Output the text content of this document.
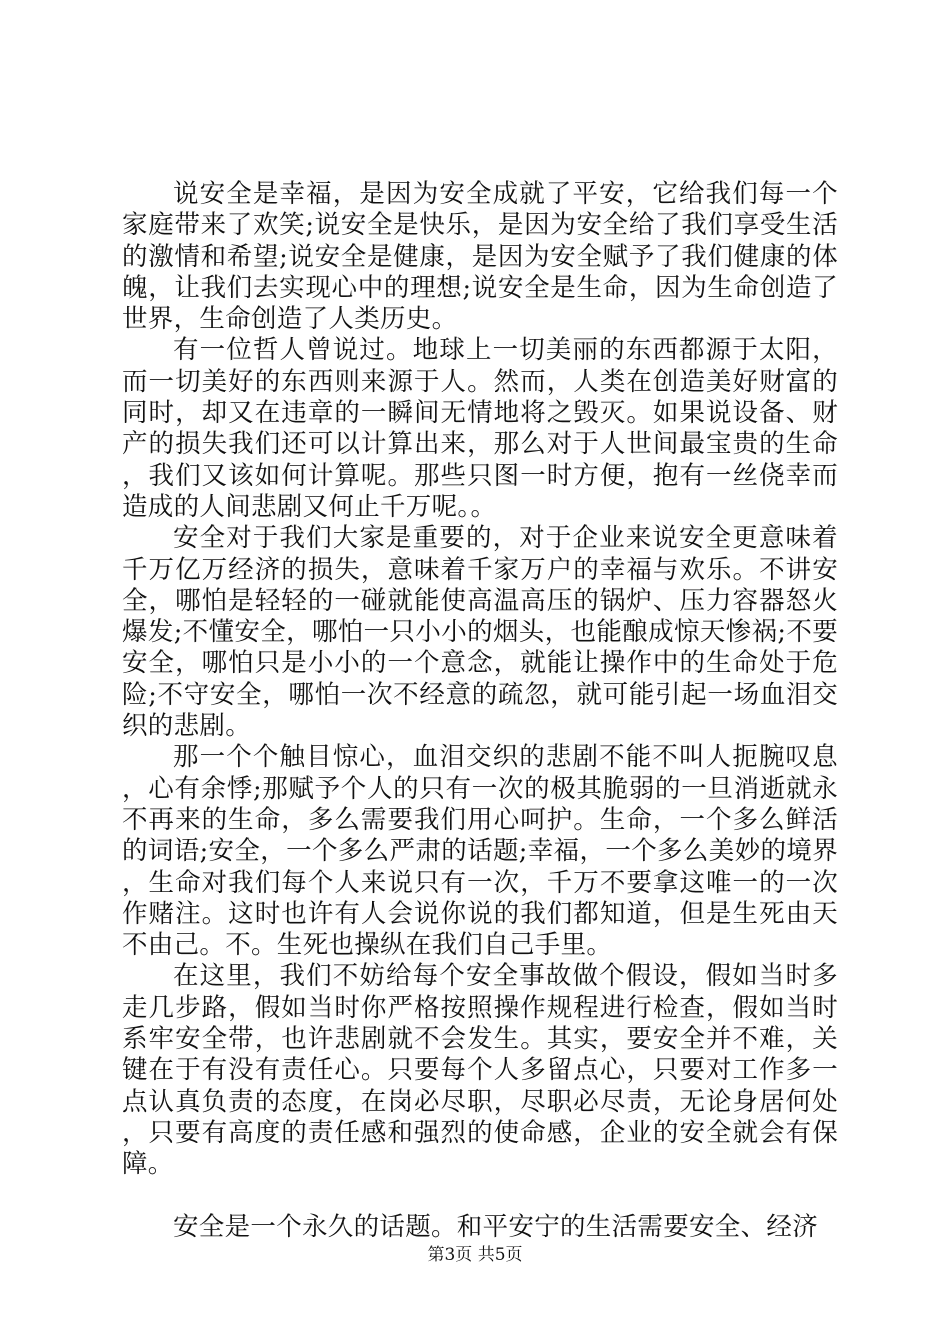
说安全是幸福，是因为安全成就了平安，它给我们每一个家庭带来了欢笑;说安全是快乐，是因为安全给了我们享受生活的激情和希望;说安全是健康，是因为安全赋予了我们健康的体魄，让我们去实现心中的理想;说安全是生命，因为生命创造了世界，生命创造了人类历史。

有一位哲人曾说过。地球上一切美丽的东西都源于太阳，而一切美好的东西则来源于人。然而，人类在创造美好财富的同时，却又在违章的一瞬间无情地将之毁灭。如果说设备、财产的损失我们还可以计算出来，那么对于人世间最宝贵的生命，我们又该如何计算呢。那些只图一时方便，抱有一丝侥幸而造成的人间悲剧又何止千万呢。。

安全对于我们大家是重要的，对于企业来说安全更意味着千万亿万经济的损失，意味着千家万户的幸福与欢乐。不讲安全，哪怕是轻轻的一碰就能使高温高压的锅炉、压力容器怒火爆发;不懂安全，哪怕一只小小的烟头，也能酿成惊天惨祸;不要安全，哪怕只是小小的一个意念，就能让操作中的生命处于危险;不守安全，哪怕一次不经意的疏忽，就可能引起一场血泪交织的悲剧。

那一个个触目惊心，血泪交织的悲剧不能不叫人扼腕叹息，心有余悸;那赋予个人的只有一次的极其脆弱的一旦消逝就永不再来的生命，多么需要我们用心呵护。生命，一个多么鲜活的词语;安全，一个多么严肃的话题;幸福，一个多么美妙的境界，生命对我们每个人来说只有一次，千万不要拿这唯一的一次作赌注。这时也许有人会说你说的我们都知道，但是生死由天不由己。不。生死也操纵在我们自己手里。

在这里，我们不妨给每个安全事故做个假设，假如当时多走几步路，假如当时你严格按照操作规程进行检查，假如当时系牢安全带，也许悲剧就不会发生。其实，要安全并不难，关键在于有没有责任心。只要每个人多留点心，只要对工作多一点认真负责的态度，在岗必尽职，尽职必尽责，无论身居何处，只要有高度的责任感和强烈的使命感，企业的安全就会有保障。

安全是一个永久的话题。和平安宁的生活需要安全、经济

第3页 共5页
